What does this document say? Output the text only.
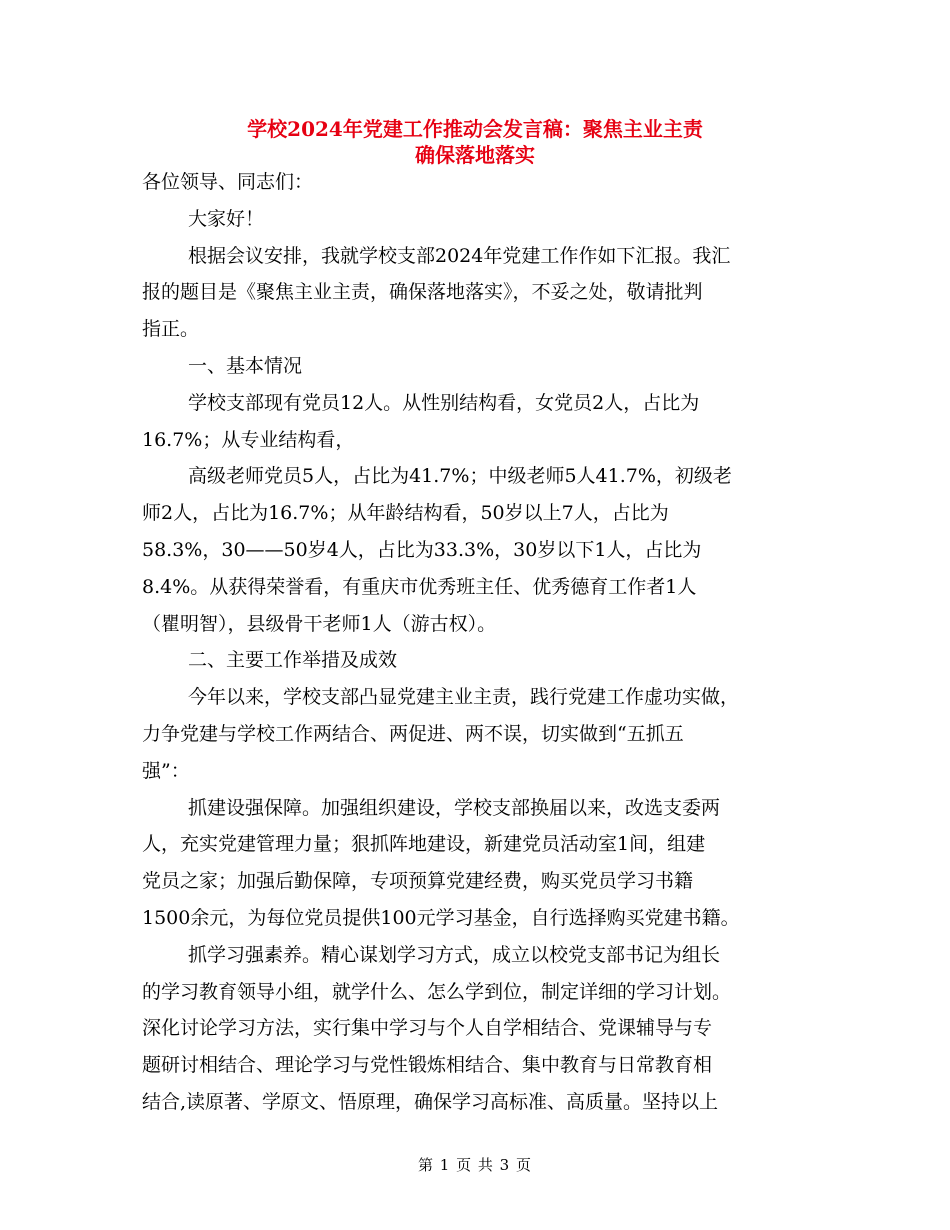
学校2024年党建工作推动会发言稿：聚焦主业主责
确保落地落实
各位领导、同志们：
大家好！
根据会议安排，我就学校支部2024年党建工作作如下汇报。我汇
报的题目是《聚焦主业主责，确保落地落实》，不妥之处，敬请批判
指正。
一、基本情况
学校支部现有党员12人。从性别结构看，女党员2人，占比为
16.7%；从专业结构看，
高级老师党员5人，占比为41.7%；中级老师5人41.7%，初级老
师2人，占比为16.7%；从年龄结构看，50岁以上7人，占比为
58.3%，30——50岁4人，占比为33.3%，30岁以下1人，占比为
8.4%。从获得荣誉看，有重庆市优秀班主任、优秀德育工作者1人
（瞿明智），县级骨干老师1人（游古权）。
二、主要工作举措及成效
今年以来，学校支部凸显党建主业主责，践行党建工作虚功实做，
力争党建与学校工作两结合、两促进、两不误，切实做到“五抓五
强”：
抓建设强保障。加强组织建设，学校支部换届以来，改选支委两
人，充实党建管理力量；狠抓阵地建设，新建党员活动室1间，组建
党员之家；加强后勤保障，专项预算党建经费，购买党员学习书籍
1500余元，为每位党员提供100元学习基金，自行选择购买党建书籍。
抓学习强素养。精心谋划学习方式，成立以校党支部书记为组长
的学习教育领导小组，就学什么、怎么学到位，制定详细的学习计划。
深化讨论学习方法，实行集中学习与个人自学相结合、党课辅导与专
题研讨相结合、理论学习与党性锻炼相结合、集中教育与日常教育相
结合,读原著、学原文、悟原理，确保学习高标准、高质量。坚持以上
第 1 页 共 3 页
